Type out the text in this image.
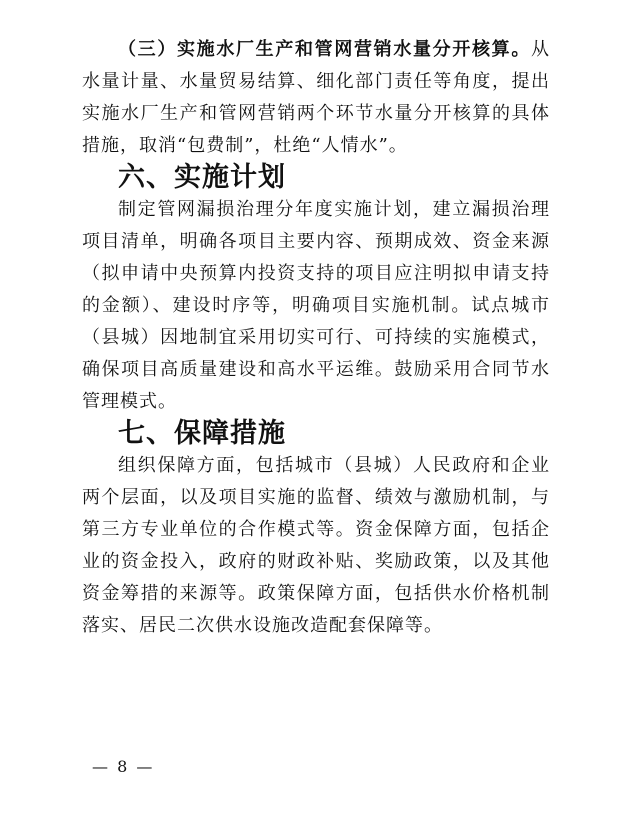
（三）实施水厂生产和管网营销水量分开核算。从水量计量、水量贸易结算、细化部门责任等角度，提出实施水厂生产和管网营销两个环节水量分开核算的具体措施，取消“包费制”，杜绝“人情水”。

六、实施计划

制定管网漏损治理分年度实施计划，建立漏损治理项目清单，明确各项目主要内容、预期成效、资金来源（拟申请中央预算内投资支持的项目应注明拟申请支持的金额）、建设时序等，明确项目实施机制。试点城市（县城）因地制宜采用切实可行、可持续的实施模式，确保项目高质量建设和高水平运维。鼓励采用合同节水管理模式。

七、保障措施

组织保障方面，包括城市（县城）人民政府和企业两个层面，以及项目实施的监督、绩效与激励机制，与第三方专业单位的合作模式等。资金保障方面，包括企业的资金投入，政府的财政补贴、奖励政策，以及其他资金筹措的来源等。政策保障方面，包括供水价格机制落实、居民二次供水设施改造配套保障等。

— 8 —
